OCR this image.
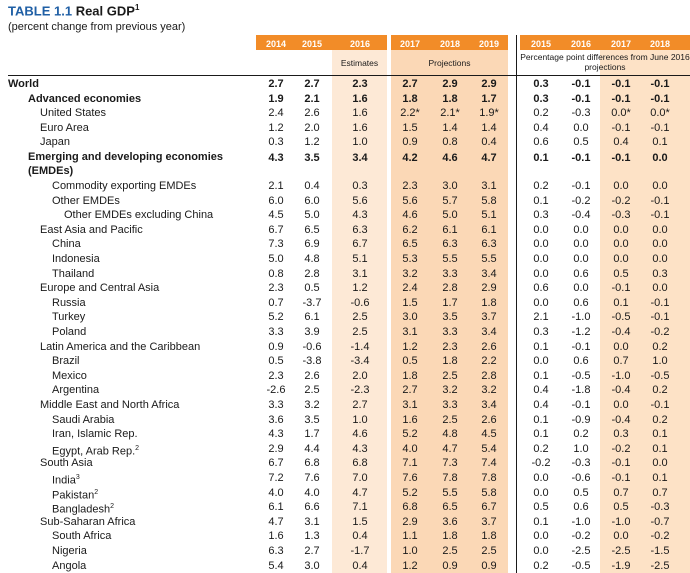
TABLE 1.1 Real GDP$^1$
(percent change from previous year)
2014	2015	2016	2017	2018	2019	2015	2016	2017	2018
Estimates	Projections
Percentage point differences from June 2016 projections
World	2.7	2.7	2.3	2.7	2.9	2.9	0.3	-0.1	-0.1	-0.1
Advanced economies	1.9	2.1	1.6	1.8	1.8	1.7	0.3	-0.1	-0.1	-0.1
United States	2.4	2.6	1.6	2.2*	2.1*	1.9*	0.2	-0.3	0.0*	0.0*
Euro Area	1.2	2.0	1.6	1.5	1.4	1.4	0.4	0.0	-0.1	-0.1
Japan	0.3	1.2	1.0	0.9	0.8	0.4	0.6	0.5	0.4	0.1
Emerging and developing economies
(EMDEs)
4.3	3.5	3.4	4.2	4.6	4.7	0.1	-0.1	-0.1	0.0
Commodity exporting EMDEs	2.1	0.4	0.3	2.3	3.0	3.1	0.2	-0.1	0.0	0.0
Other EMDEs	6.0	6.0	5.6	5.6	5.7	5.8	0.1	-0.2	-0.2	-0.1
Other EMDEs excluding China	4.5	5.0	4.3	4.6	5.0	5.1	0.3	-0.4	-0.3	-0.1
East Asia and Pacific	6.7	6.5	6.3	6.2	6.1	6.1	0.0	0.0	0.0	0.0
China	7.3	6.9	6.7	6.5	6.3	6.3	0.0	0.0	0.0	0.0
Indonesia	5.0	4.8	5.1	5.3	5.5	5.5	0.0	0.0	0.0	0.0
Thailand	0.8	2.8	3.1	3.2	3.3	3.4	0.0	0.6	0.5	0.3
Europe and Central Asia	2.3	0.5	1.2	2.4	2.8	2.9	0.6	0.0	-0.1	0.0
Russia	0.7	-3.7	-0.6	1.5	1.7	1.8	0.0	0.6	0.1	-0.1
Turkey	5.2	6.1	2.5	3.0	3.5	3.7	2.1	-1.0	-0.5	-0.1
Poland	3.3	3.9	2.5	3.1	3.3	3.4	0.3	-1.2	-0.4	-0.2
Latin America and the Caribbean	0.9	-0.6	-1.4	1.2	2.3	2.6	0.1	-0.1	0.0	0.2
Brazil	0.5	-3.8	-3.4	0.5	1.8	2.2	0.0	0.6	0.7	1.0
Mexico	2.3	2.6	2.0	1.8	2.5	2.8	0.1	-0.5	-1.0	-0.5
Argentina	-2.6	2.5	-2.3	2.7	3.2	3.2	0.4	-1.8	-0.4	0.2
Middle East and North Africa	3.3	3.2	2.7	3.1	3.3	3.4	0.4	-0.1	0.0	-0.1
Saudi Arabia	3.6	3.5	1.0	1.6	2.5	2.6	0.1	-0.9	-0.4	0.2
Iran, Islamic Rep.	4.3	1.7	4.6	5.2	4.8	4.5	0.1	0.2	0.3	0.1
Egypt, Arab Rep.$^2$	2.9	4.4	4.3	4.0	4.7	5.4	0.2	1.0	-0.2	0.1
South Asia	6.7	6.8	6.8	7.1	7.3	7.4	-0.2	-0.3	-0.1	0.0
India$^3$	7.2	7.6	7.0	7.6	7.8	7.8	0.0	-0.6	-0.1	0.1
Pakistan$^2$	4.0	4.0	4.7	5.2	5.5	5.8	0.0	0.5	0.7	0.7
Bangladesh$^2$	6.1	6.6	7.1	6.8	6.5	6.7	0.5	0.6	0.5	-0.3
Sub-Saharan Africa	4.7	3.1	1.5	2.9	3.6	3.7	0.1	-1.0	-1.0	-0.7
South Africa	1.6	1.3	0.4	1.1	1.8	1.8	0.0	-0.2	0.0	-0.2
Nigeria	6.3	2.7	-1.7	1.0	2.5	2.5	0.0	-2.5	-2.5	-1.5
Angola	5.4	3.0	0.4	1.2	0.9	0.9	0.2	-0.5	-1.9	-2.5
